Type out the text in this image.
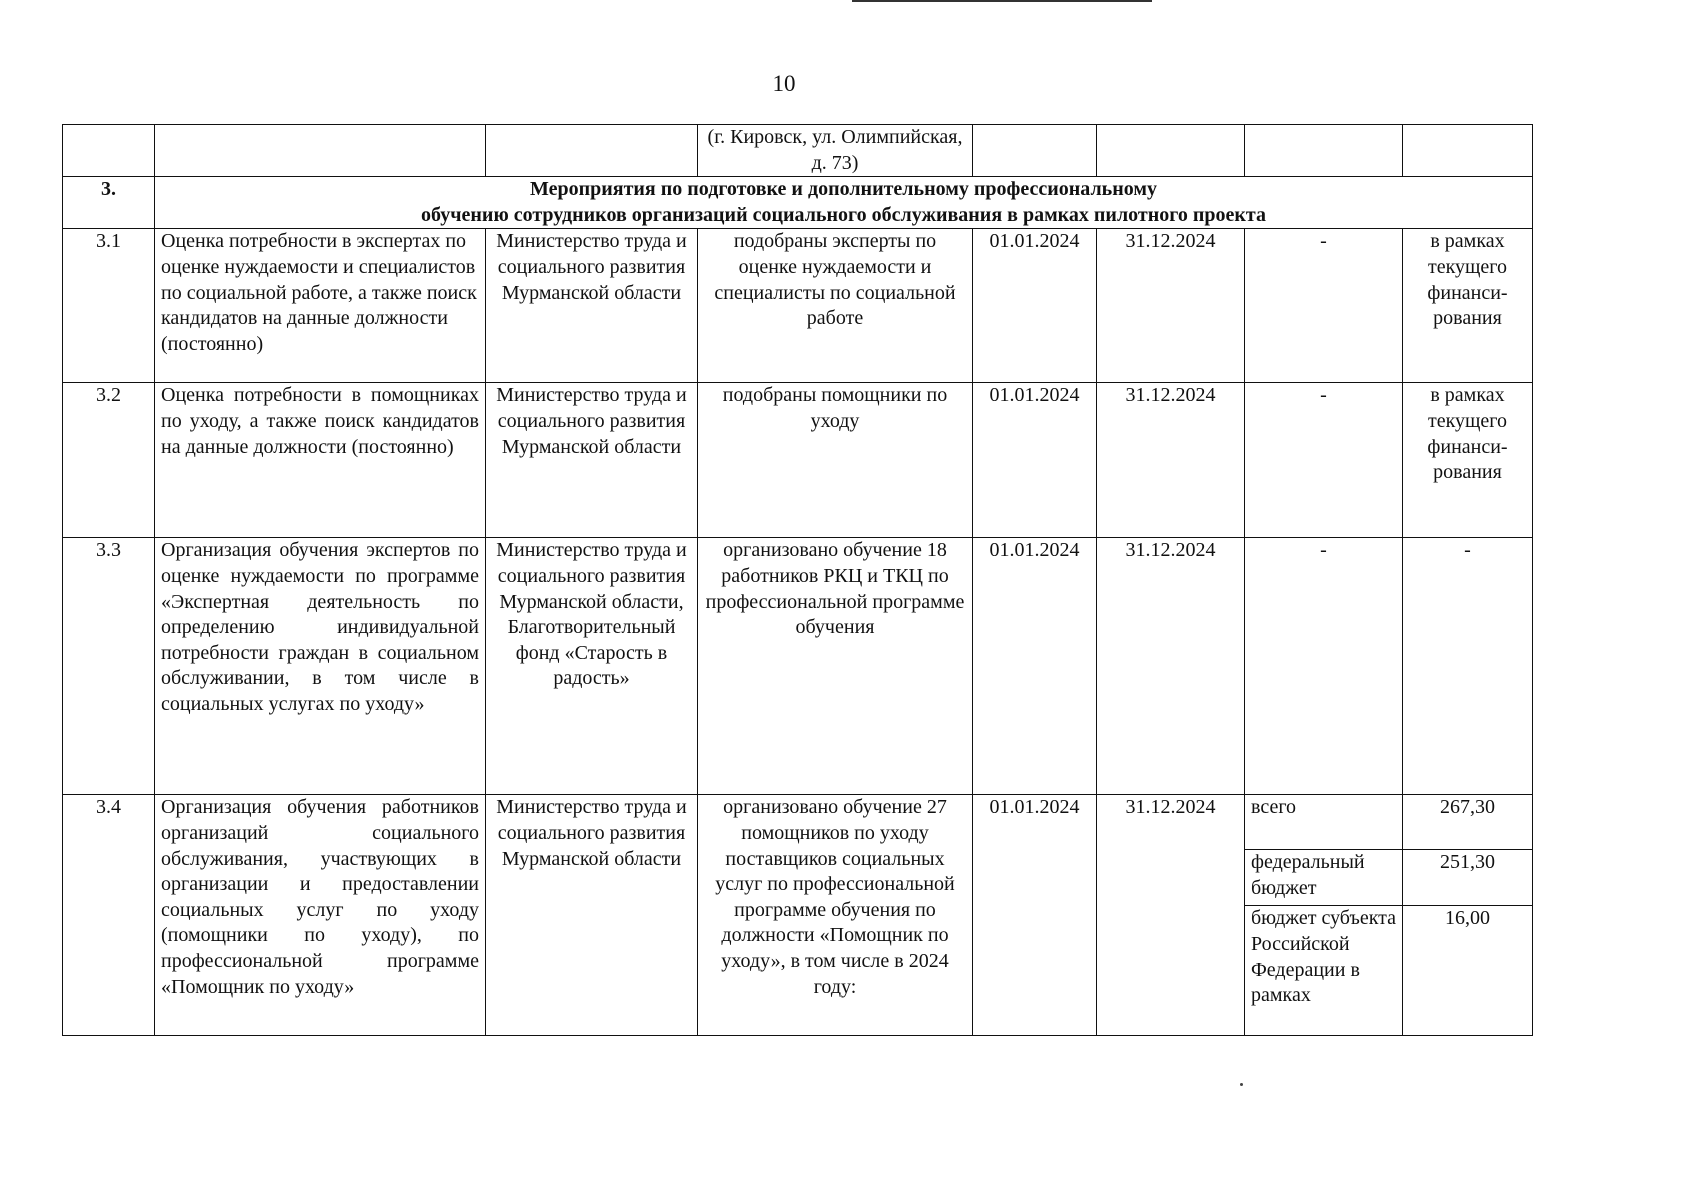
10
			(г. Кировск, ул. Олимпийская, д. 73)				
3.	Мероприятия по подготовке и дополнительному профессиональному
обучению сотрудников организаций социального обслуживания в рамках пилотного проекта						

3.1	Оценка потребности в экспертах по оценке нуждаемости и специалистов по социальной работе, а также поиск кандидатов на данные должности (постоянно)	Министерство труда и социального развития Мурманской области	подобраны эксперты по оценке нуждаемости и специалисты по социальной работе	01.01.2024	31.12.2024	-	в рамках текущего финанси-рования
3.2	Оценка потребности в помощниках по уходу, а также поиск кандидатов на данные должности (постоянно)	Министерство труда и социального развития Мурманской области	подобраны помощники по уходу	01.01.2024	31.12.2024	-	в рамках текущего финанси-рования
3.3	Организация обучения экспертов по оценке нуждаемости по программе «Экспертная деятельность по определению индивидуальной потребности граждан в социальном обслуживании, в том числе в социальных услугах по уходу»	Министерство труда и социального развития Мурманской области, Благотворительный фонд «Старость в радость»	организовано обучение 18 работников РКЦ и ТКЦ по профессиональной программе обучения	01.01.2024	31.12.2024	-	-
3.4	Организация обучения работников организаций социального обслуживания, участвующих в организации и предоставлении социальных услуг по уходу (помощники по уходу), по профессиональной программе «Помощник по уходу»	Министерство труда и социального развития Мурманской области	организовано обучение 27 помощников по уходу поставщиков социальных услуг по профессиональной программе обучения по должности «Помощник по уходу», в том числе в 2024 году:	01.01.2024	31.12.2024	всего	267,30
						федеральный бюджет	251,30
						бюджет субъекта Российской Федерации в рамках	16,00
